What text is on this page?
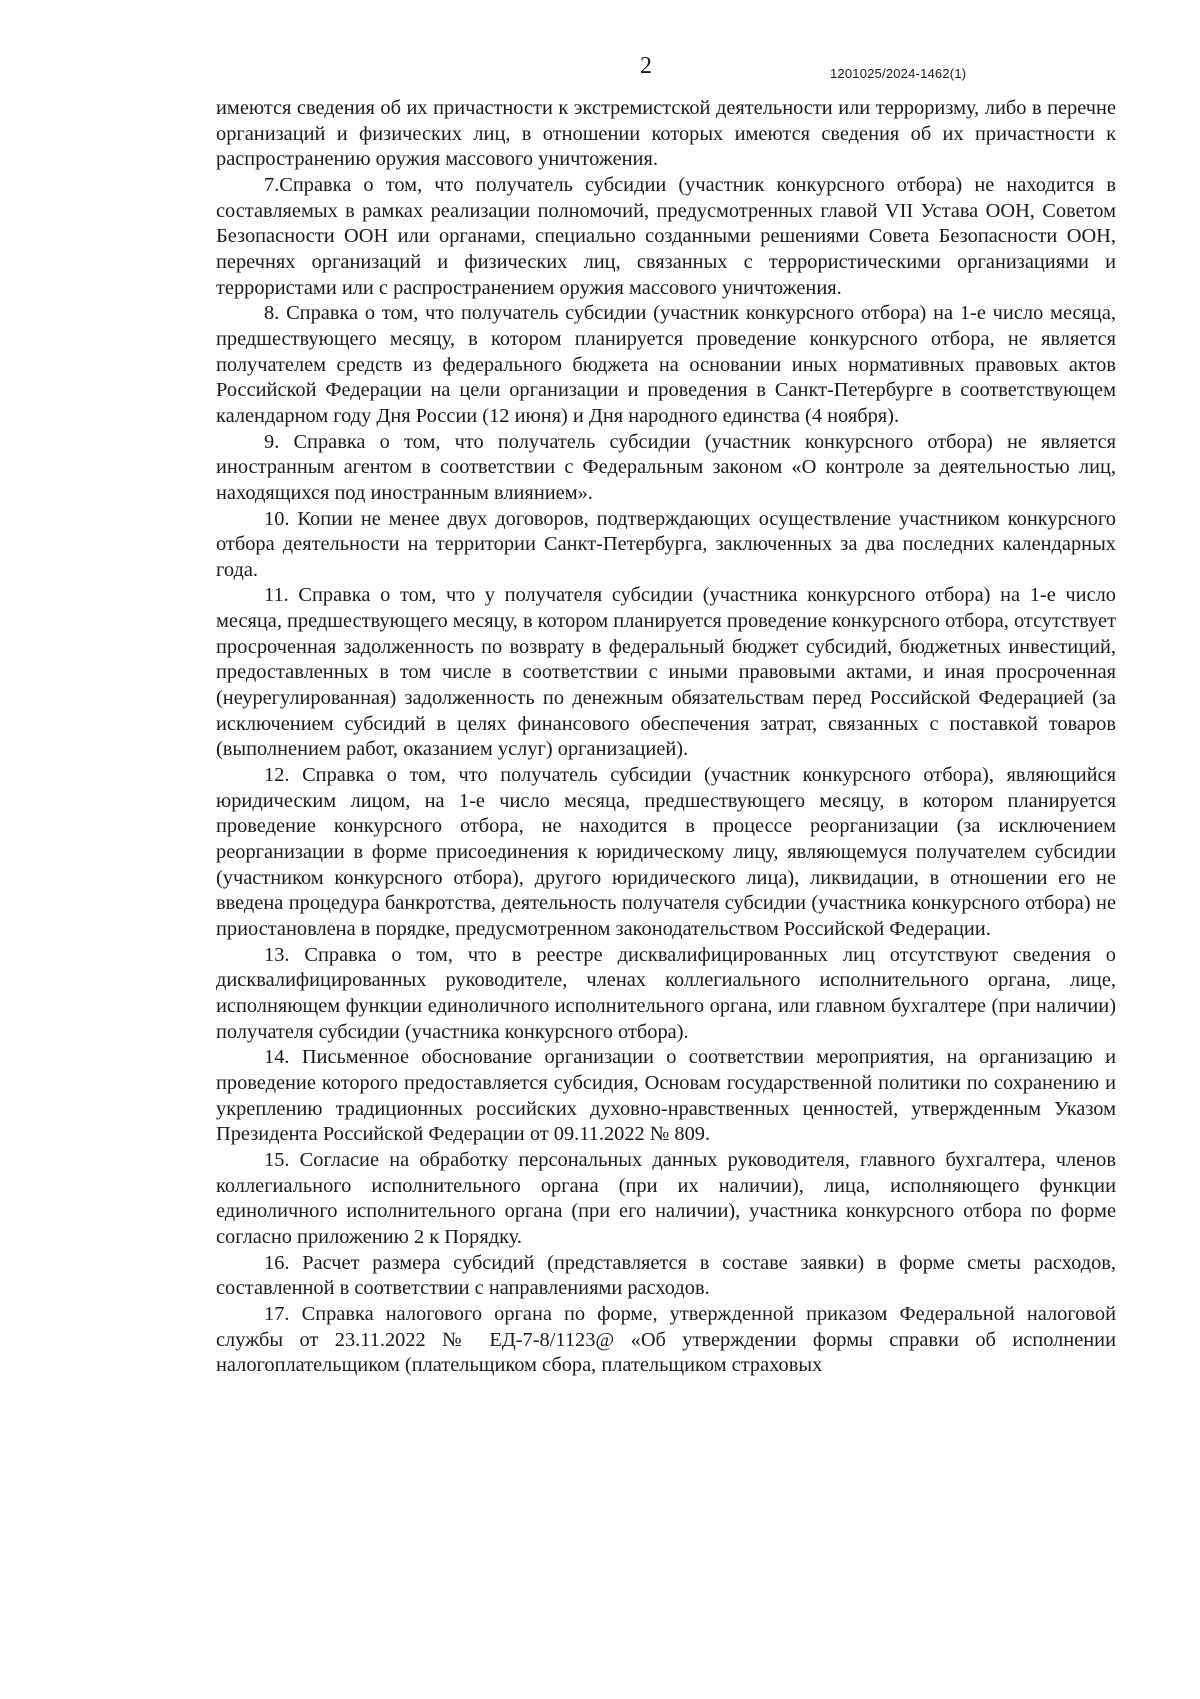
2	1201025/2024-1462(1)

имеются сведения об их причастности к экстремистской деятельности или терроризму, либо в перечне организаций и физических лиц, в отношении которых имеются сведения об их причастности к распространению оружия массового уничтожения.

7.Справка о том, что получатель субсидии (участник конкурсного отбора) не находится в составляемых в рамках реализации полномочий, предусмотренных главой VII Устава ООН, Советом Безопасности ООН или органами, специально созданными решениями Совета Безопасности ООН, перечнях организаций и физических лиц, связанных с террористическими организациями и террористами или с распространением оружия массового уничтожения.

8. Справка о том, что получатель субсидии (участник конкурсного отбора) на 1-е число месяца, предшествующего месяцу, в котором планируется проведение конкурсного отбора, не является получателем средств из федерального бюджета на основании иных нормативных правовых актов Российской Федерации на цели организации и проведения в Санкт-Петербурге в соответствующем календарном году Дня России (12 июня) и Дня народного единства (4 ноября).

9. Справка о том, что получатель субсидии (участник конкурсного отбора) не является иностранным агентом в соответствии с Федеральным законом «О контроле за деятельностью лиц, находящихся под иностранным влиянием».

10. Копии не менее двух договоров, подтверждающих осуществление участником конкурсного отбора деятельности на территории Санкт-Петербурга, заключенных за два последних календарных года.

11. Справка о том, что у получателя субсидии (участника конкурсного отбора) на 1-е число месяца, предшествующего месяцу, в котором планируется проведение конкурсного отбора, отсутствует просроченная задолженность по возврату в федеральный бюджет субсидий, бюджетных инвестиций, предоставленных в том числе в соответствии с иными правовыми актами, и иная просроченная (неурегулированная) задолженность по денежным обязательствам перед Российской Федерацией (за исключением субсидий в целях финансового обеспечения затрат, связанных с поставкой товаров (выполнением работ, оказанием услуг) организацией).

12. Справка о том, что получатель субсидии (участник конкурсного отбора), являющийся юридическим лицом, на 1-е число месяца, предшествующего месяцу, в котором планируется проведение конкурсного отбора, не находится в процессе реорганизации (за исключением реорганизации в форме присоединения к юридическому лицу, являющемуся получателем субсидии (участником конкурсного отбора), другого юридического лица), ликвидации, в отношении его не введена процедура банкротства, деятельность получателя субсидии (участника конкурсного отбора) не приостановлена в порядке, предусмотренном законодательством Российской Федерации.

13. Справка о том, что в реестре дисквалифицированных лиц отсутствуют сведения о дисквалифицированных руководителе, членах коллегиального исполнительного органа, лице, исполняющем функции единоличного исполнительного органа, или главном бухгалтере (при наличии) получателя субсидии (участника конкурсного отбора).

14. Письменное обоснование организации о соответствии мероприятия, на организацию и проведение которого предоставляется субсидия, Основам государственной политики по сохранению и укреплению традиционных российских духовно-нравственных ценностей, утвержденным Указом Президента Российской Федерации от 09.11.2022 № 809.

15. Согласие на обработку персональных данных руководителя, главного бухгалтера, членов коллегиального исполнительного органа (при их наличии), лица, исполняющего функции единоличного исполнительного органа (при его наличии), участника конкурсного отбора по форме согласно приложению 2 к Порядку.

16. Расчет размера субсидий (представляется в составе заявки) в форме сметы расходов, составленной в соответствии с направлениями расходов.

17. Справка налогового органа по форме, утвержденной приказом Федеральной налоговой службы от 23.11.2022 № ЕД-7-8/1123@ «Об утверждении формы справки об исполнении налогоплательщиком (плательщиком сбора, плательщиком страховых
